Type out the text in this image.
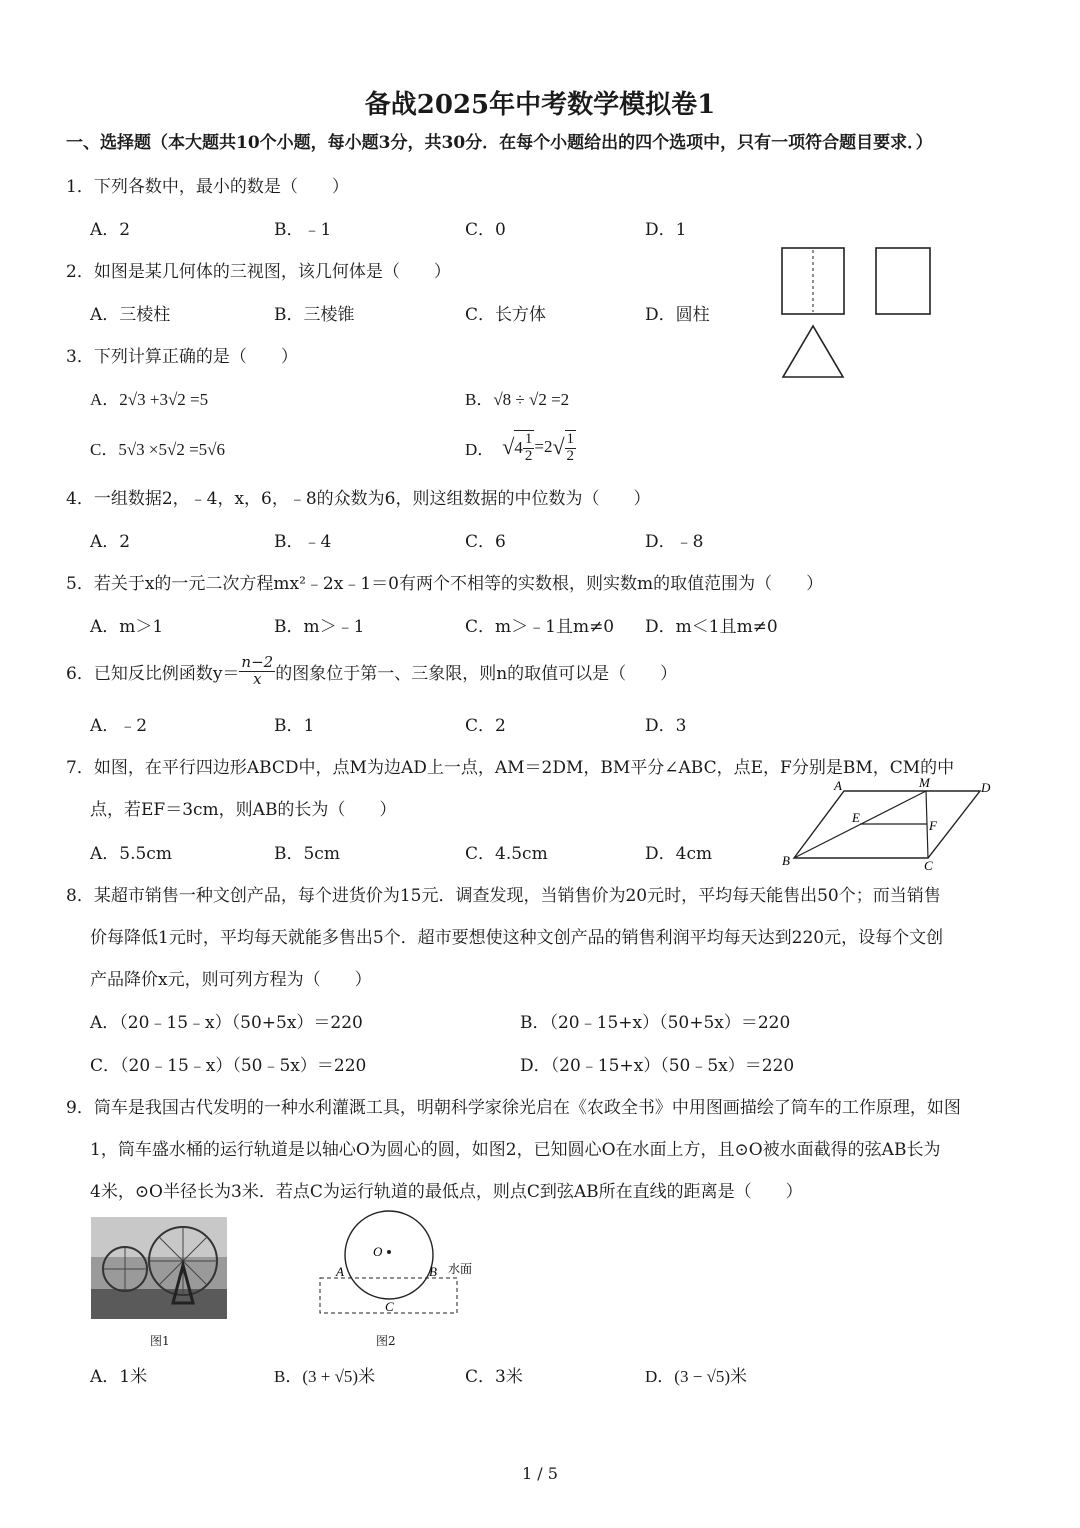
备战2025年中考数学模拟卷1
一、选择题（本大题共10个小题，每小题3分，共30分．在每个小题给出的四个选项中，只有一项符合题目要求．）
1．下列各数中，最小的数是（　　）
A．2	B．﹣1	C．0	D．1
2．如图是某几何体的三视图，该几何体是（　　）
A．三棱柱	B．三棱锥	C．长方体	D．圆柱
3．下列计算正确的是（　　）
A．2√3 +3√2 =5	B．√8 ÷ √2 =2
C．5√3 ×5√2 =5√6	D． √ $4 \frac{1}{2} =2$ √ $\frac{1}{2}$
4．一组数据2，﹣4，x，6，﹣8的众数为6，则这组数据的中位数为（　　）
A．2	B．﹣4	C．6	D．﹣8
5．若关于x的一元二次方程mx²﹣2x﹣1＝0有两个不相等的实数根，则实数m的取值范围为（　　）
A．m＞1	B．m＞﹣1	C．m＞﹣1且m≠0 D．m＜1且m≠0
6．已知反比例函数$y= \frac{n-2}{x}$ 的图象位于第一、三象限，则n的取值可以是（　　）
A．﹣2	B．1	C．2	D．3
7．如图，在平行四边形ABCD中，点M为边AD上一点，AM＝2DM，BM平分∠ABC，点E，F分别是BM，CM的中
点，若EF＝3cm，则AB的长为（　　）
A．5.5cm	B．5cm	C．4.5cm	D．4cm
A	M	D
E
F
B	C
8．某超市销售一种文创产品，每个进货价为15元．调查发现，当销售价为20元时，平均每天能售出50个；而当销售
价每降低1元时，平均每天就能多售出5个．超市要想使这种文创产品的销售利润平均每天达到220元，设每个文创
产品降价x元，则可列方程为（　　）
A．（20﹣15﹣x）（50+5x）＝220	B．（20﹣15+x）（50+5x）＝220
C．（20﹣15﹣x）（50﹣5x）＝220	D．（20﹣15+x）（50﹣5x）＝220
9．筒车是我国古代发明的一种水利灌溉工具，明朝科学家徐光启在《农政全书》中用图画描绘了筒车的工作原理，如图
1，筒车盛水桶的运行轨道是以轴心O为圆心的圆，如图2，已知圆心O在水面上方，且⊙O被水面截得的弦AB长为
4米，⊙O半径长为3米．若点C为运行轨道的最低点，则点C到弦AB所在直线的距离是（　　）
图1
O
A	B
C
水面
图2
A．1米	B．(3 + √5)米	C．3米	D．(3 − √5)米
1 / 5
